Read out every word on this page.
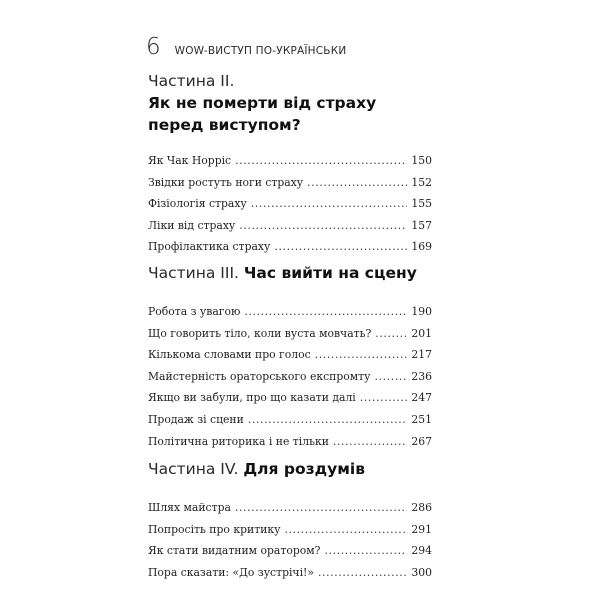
6 WOW-ВИСТУП ПО-УКРАЇНСЬКИ
Частина II.
Як не померти від страху
перед виступом?
Як Чак Норріс . . .	150
Звідки ростуть ноги страху . . .	152
Фізіологія страху . . .	155
Ліки від страху . . .	157
Профілактика страху . . .	169
Частина III. Час вийти на сцену
Робота з увагою . . .	190
Що говорить тіло, коли вуста мовчать? . . .	201
Кількома словами про голос . . .	217
Майстерність ораторського експромту . . .	236
Якщо ви забули, про що казати далі . . .	247
Продаж зі сцени . . .	251
Політична риторика і не тільки . . .	267
Частина IV. Для роздумів
Шлях майстра . . .	286
Попросіть про критику . . .	291
Як стати видатним оратором? . . .	294
Пора сказати: «До зустрічі!» . . .	300
